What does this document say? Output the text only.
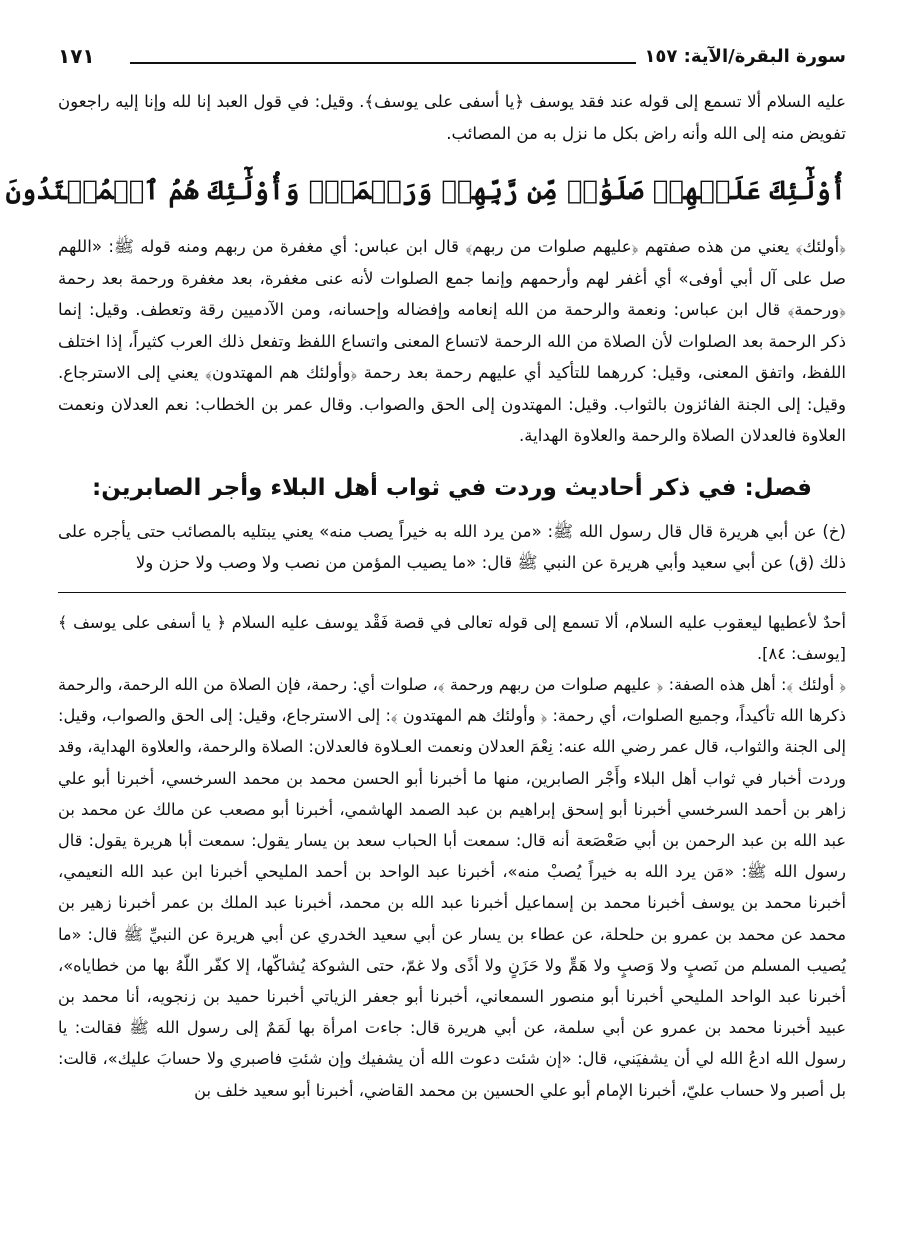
سورة البقرة/الآية: ١٥٧
١٧١

عليه السلام ألا تسمع إلى قوله عند فقد يوسف ﴿يا أسفى على يوسف﴾. وقيل: في قول العبد إنا لله وإنا إليه راجعون تفويض منه إلى الله وأنه راض بكل ما نزل به من المصائب.

أُوْلَٰٓئِكَ عَلَيۡهِمۡ صَلَوَٰتٞ مِّن رَّبِّهِمۡ وَرَحۡمَةٞۖ وَأُوْلَٰٓئِكَ هُمُ ٱلۡمُهۡتَدُونَ

﴿أولئك﴾ يعني من هذه صفتهم ﴿عليهم صلوات من ربهم﴾ قال ابن عباس: أي مغفرة من ربهم ومنه قوله ﷺ: «اللهم صل على آل أبي أوفى» أي أغفر لهم وأرحمهم وإنما جمع الصلوات لأنه عنى مغفرة، بعد مغفرة ورحمة بعد رحمة ﴿ورحمة﴾ قال ابن عباس: ونعمة والرحمة من الله إنعامه وإفضاله وإحسانه، ومن الآدميين رقة وتعطف. وقيل: إنما ذكر الرحمة بعد الصلوات لأن الصلاة من الله الرحمة لاتساع المعنى واتساع اللفظ وتفعل ذلك العرب كثيراً، إذا اختلف اللفظ، واتفق المعنى، وقيل: كررهما للتأكيد أي عليهم رحمة بعد رحمة ﴿وأولئك هم المهتدون﴾ يعني إلى الاسترجاع. وقيل: إلى الجنة الفائزون بالثواب. وقيل: المهتدون إلى الحق والصواب. وقال عمر بن الخطاب: نعم العدلان ونعمت العلاوة فالعدلان الصلاة والرحمة والعلاوة الهداية.

فصل: في ذكر أحاديث وردت في ثواب أهل البلاء وأجر الصابرين:

(خ) عن أبي هريرة قال قال رسول الله ﷺ: «من يرد الله به خيراً يصب منه» يعني يبتليه بالمصائب حتى يأجره على ذلك (ق) عن أبي سعيد وأبي هريرة عن النبي ﷺ قال: «ما يصيب المؤمن من نصب ولا وصب ولا حزن ولا

أحدٌ لأعطيها ليعقوب عليه السلام، ألا تسمع إلى قوله تعالى في قصة فَقْد يوسف عليه السلام ﴿ يا أسفى على يوسف ﴾ [يوسف: ٨٤].

﴿ أولئك ﴾: أهل هذه الصفة: ﴿ عليهم صلوات من ربهم ورحمة ﴾، صلوات أي: رحمة، فإن الصلاة من الله الرحمة، والرحمة ذكرها الله تأكيداً، وجميع الصلوات، أي رحمة: ﴿ وأولئك هم المهتدون ﴾: إلى الاسترجاع، وقيل: إلى الحق والصواب، وقيل: إلى الجنة والثواب، قال عمر رضي الله عنه: نِعْمَ العدلان ونعمت العـلاوة فالعدلان: الصلاة والرحمة، والعلاوة الهداية، وقد وردت أخبار في ثواب أهل البلاء وأَجْر الصابرين، منها ما أخبرنا أبو الحسن محمد بن محمد السرخسي، أخبرنا أبو علي زاهر بن أحمد السرخسي أخبرنا أبو إسحق إبراهيم بن عبد الصمد الهاشمي، أخبرنا أبو مصعب عن مالك عن محمد بن عبد الله بن عبد الرحمن بن أبي صَعْصَعة أنه قال: سمعت أبا الحباب سعد بن يسار يقول: سمعت أبا هريرة يقول: قال رسول الله ﷺ: «مَن يرد الله به خيراً يُصبْ منه»، أخبرنا عبد الواحد بن أحمد المليحي أخبرنا ابن عبد الله النعيمي، أخبرنا محمد بن يوسف أخبرنا محمد بن إسماعيل أخبرنا عبد الله بن محمد، أخبرنا عبد الملك بن عمر أخبرنا زهير بن محمد عن محمد بن عمرو بن حلحلة، عن عطاء بن يسار عن أبي سعيد الخدري عن أبي هريرة عن النبيِّ ﷺ قال: «ما يُصيب المسلم من نَصبٍ ولا وَصبٍ ولا هَمٍّ ولا حَزَنٍ ولا أذًى ولا غمّ، حتى الشوكة يُشاكّها، إلا كفّر اللّهُ بها من خطاياه»، أخبرنا عبد الواحد المليحي أخبرنا أبو منصور السمعاني، أخبرنا أبو جعفر الزياتي أخبرنا حميد بن زنجويه، أنا محمد بن عبيد أخبرنا محمد بن عمرو عن أبي سلمة، عن أبي هريرة قال: جاءت امرأة بها لَمَمٌ إلى رسول الله ﷺ فقالت: يا رسول الله ادعُ الله لي أن يشفيَني، قال: «إن شئت دعوت الله أن يشفيك وإن شئتِ فاصبري ولا حسابَ عليك»، قالت: بل أصبر ولا حساب عليّ، أخبرنا الإمام أبو علي الحسين بن محمد القاضي، أخبرنا أبو سعيد خلف بن
